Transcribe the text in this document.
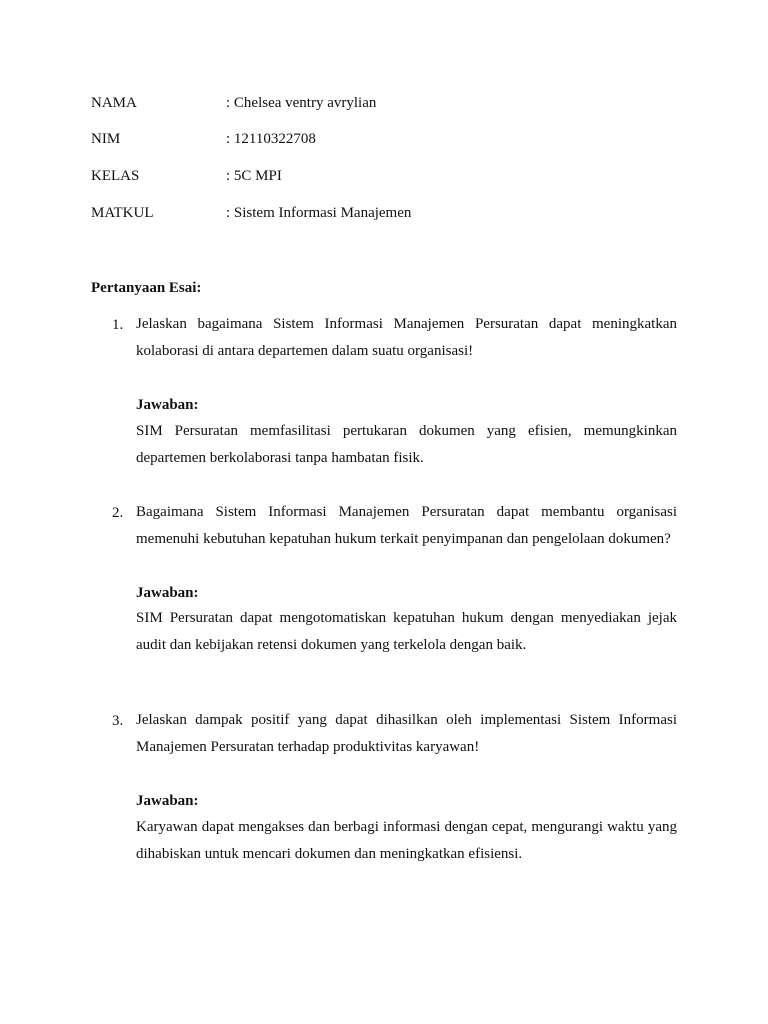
NAMA	: Chelsea ventry avrylian
NIM	: 12110322708
KELAS	: 5C MPI
MATKUL	: Sistem Informasi Manajemen
Pertanyaan Esai:
1. Jelaskan bagaimana Sistem Informasi Manajemen Persuratan dapat meningkatkan kolaborasi di antara departemen dalam suatu organisasi!
Jawaban:
SIM Persuratan memfasilitasi pertukaran dokumen yang efisien, memungkinkan departemen berkolaborasi tanpa hambatan fisik.
2. Bagaimana Sistem Informasi Manajemen Persuratan dapat membantu organisasi memenuhi kebutuhan kepatuhan hukum terkait penyimpanan dan pengelolaan dokumen?
Jawaban:
SIM Persuratan dapat mengotomatiskan kepatuhan hukum dengan menyediakan jejak audit dan kebijakan retensi dokumen yang terkelola dengan baik.
3. Jelaskan dampak positif yang dapat dihasilkan oleh implementasi Sistem Informasi Manajemen Persuratan terhadap produktivitas karyawan!
Jawaban:
Karyawan dapat mengakses dan berbagi informasi dengan cepat, mengurangi waktu yang dihabiskan untuk mencari dokumen dan meningkatkan efisiensi.
